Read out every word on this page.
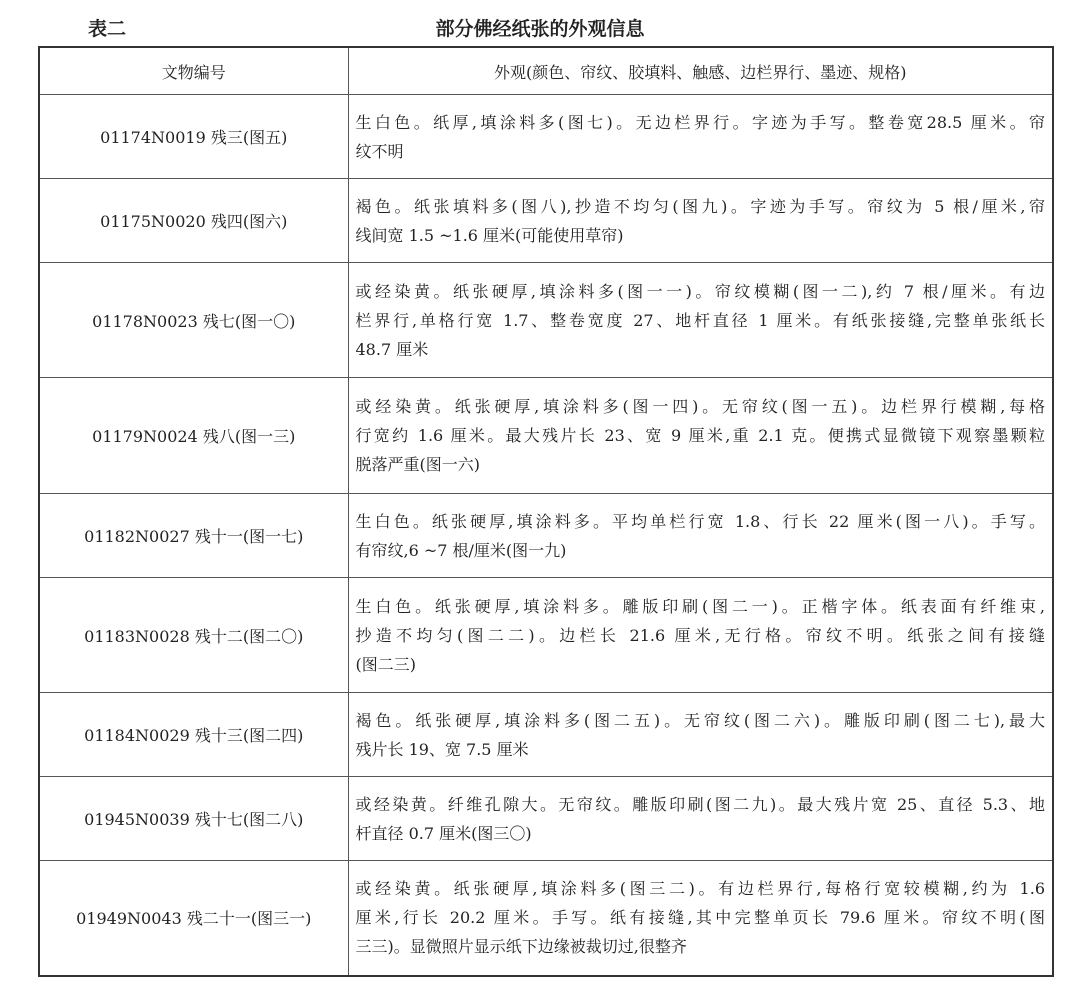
部分佛经纸张的外观信息
表二
文物编号	外观(颜色、帘纹、胶填料、触感、边栏界行、墨迹、规格)
01174N0019 残三(图五)	生白色。纸厚,填涂料多(图七)。无边栏界行。字迹为手写。整卷宽28.5 厘米。帘
纹不明

01175N0020 残四(图六)	褐色。纸张填料多(图八),抄造不均匀(图九)。字迹为手写。帘纹为 5 根/厘米,帘
线间宽 1.5 ~1.6 厘米(可能使用草帘)

01178N0023 残七(图一〇)	或经染黄。纸张硬厚,填涂料多(图一一)。帘纹模糊(图一二),约 7 根/厘米。有边
栏界行,单格行宽 1.7、整卷宽度 27、地杆直径 1 厘米。有纸张接缝,完整单张纸长
48.7 厘米

01179N0024 残八(图一三)	或经染黄。纸张硬厚,填涂料多(图一四)。无帘纹(图一五)。边栏界行模糊,每格
行宽约 1.6 厘米。最大残片长 23、宽 9 厘米,重 2.1 克。便携式显微镜下观察墨颗粒
脱落严重(图一六)

01182N0027 残十一(图一七)	生白色。纸张硬厚,填涂料多。平均单栏行宽 1.8、行长 22 厘米(图一八)。手写。
有帘纹,6 ~7 根/厘米(图一九)

01183N0028 残十二(图二〇)	生白色。纸张硬厚,填涂料多。雕版印刷(图二一)。正楷字体。纸表面有纤维束,
抄造不均匀(图二二)。边栏长 21.6 厘米,无行格。帘纹不明。纸张之间有接缝
(图二三)

01184N0029 残十三(图二四)	褐色。纸张硬厚,填涂料多(图二五)。无帘纹(图二六)。雕版印刷(图二七),最大
残片长 19、宽 7.5 厘米

01945N0039 残十七(图二八)	或经染黄。纤维孔隙大。无帘纹。雕版印刷(图二九)。最大残片宽 25、直径 5.3、地
杆直径 0.7 厘米(图三〇)

01949N0043 残二十一(图三一)	或经染黄。纸张硬厚,填涂料多(图三二)。有边栏界行,每格行宽较模糊,约为 1.6
厘米,行长 20.2 厘米。手写。纸有接缝,其中完整单页长 79.6 厘米。帘纹不明(图
三三)。显微照片显示纸下边缘被裁切过,很整齐
